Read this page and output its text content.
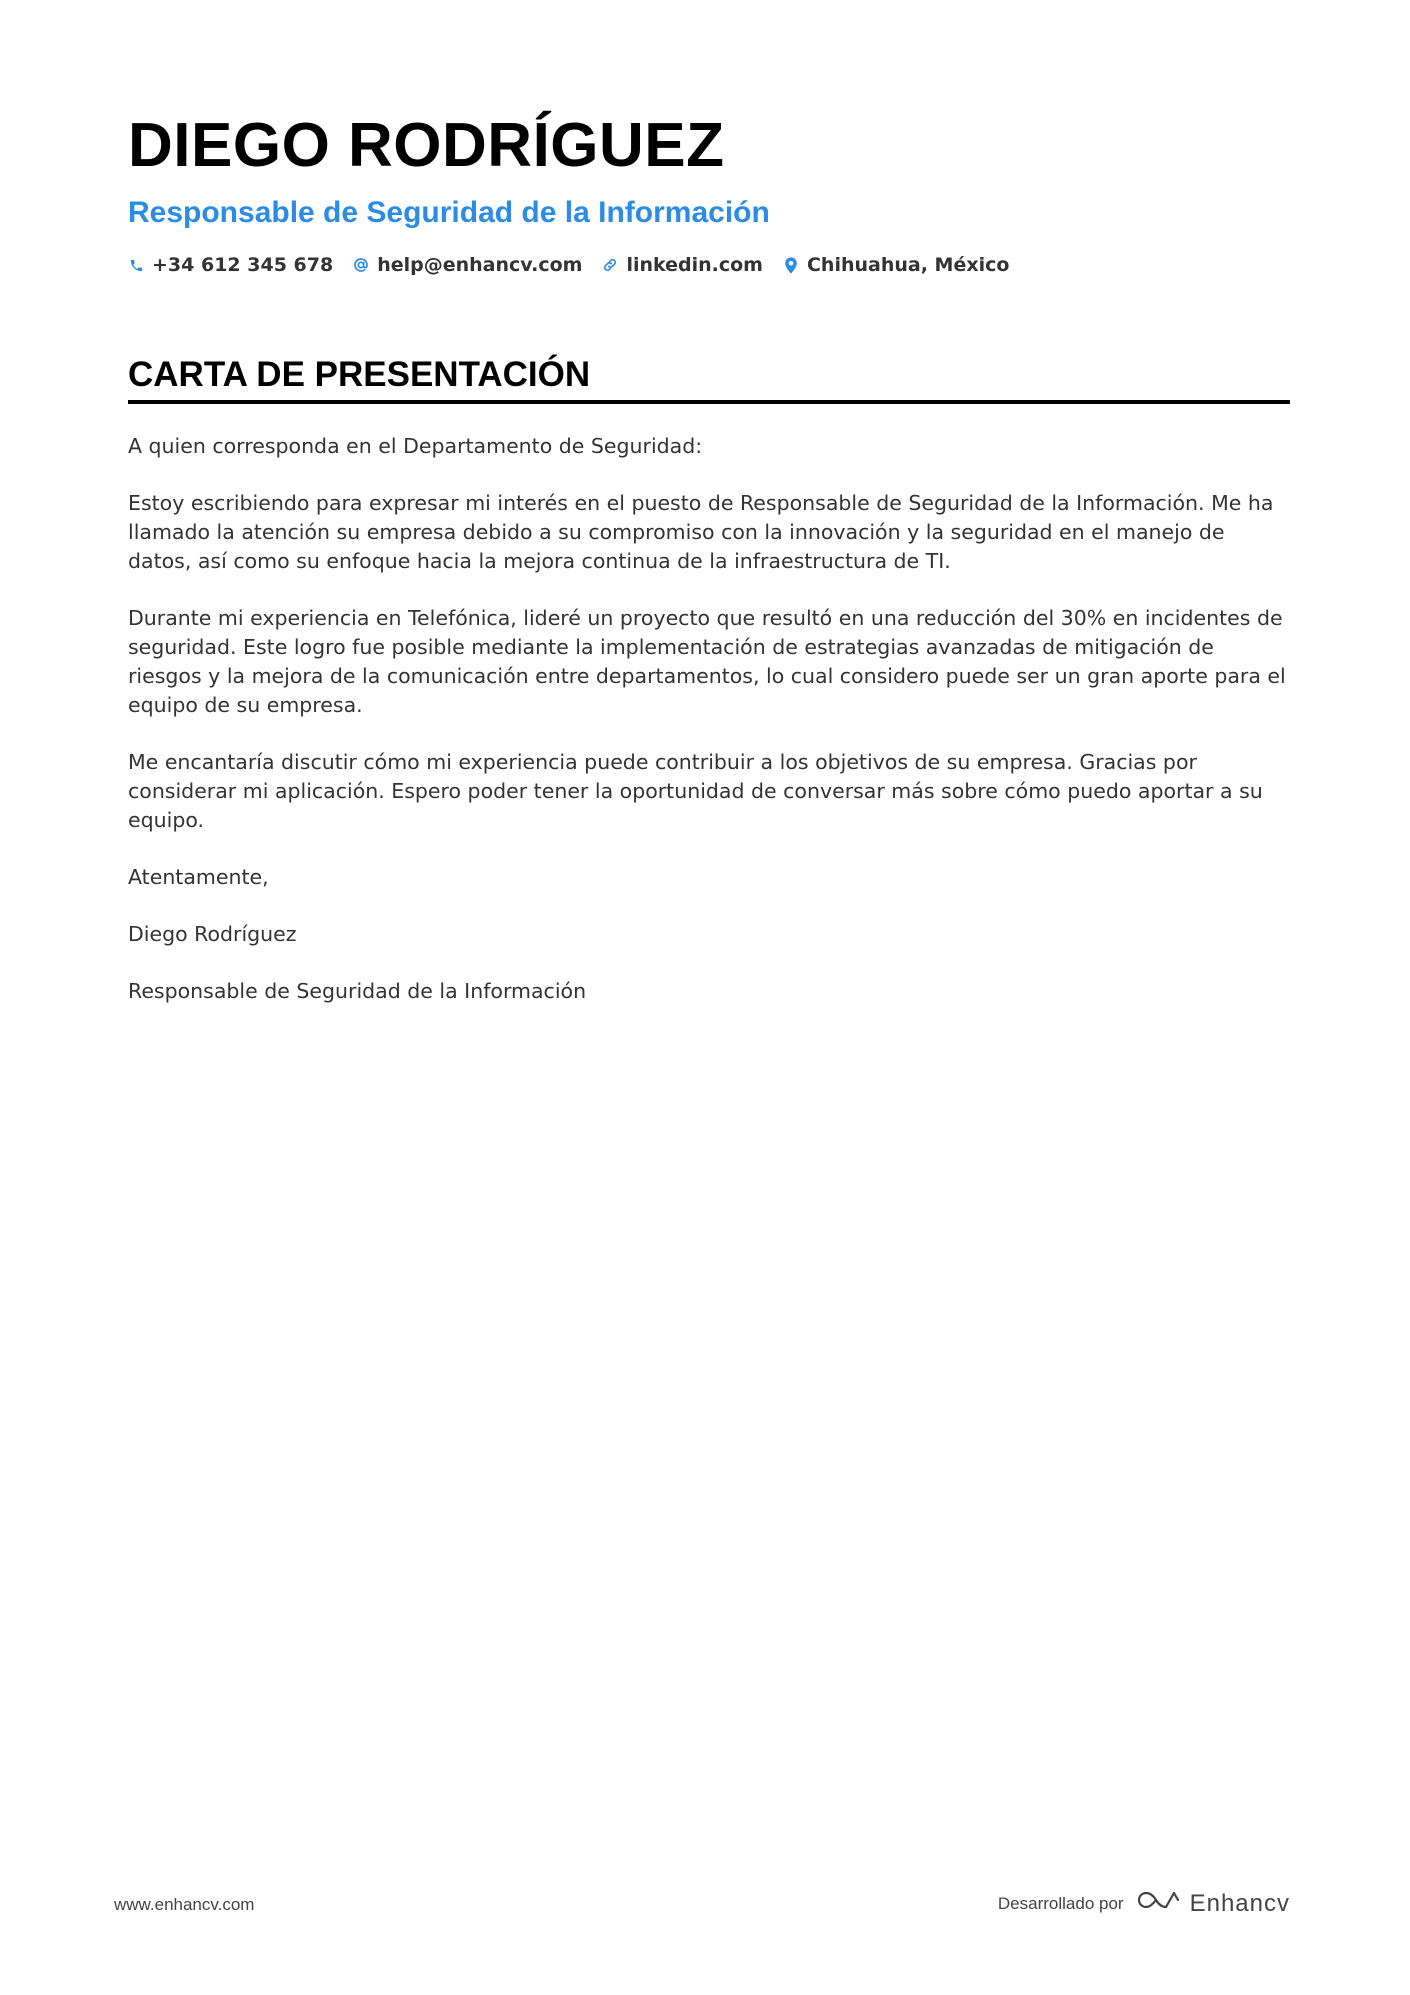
DIEGO RODRÍGUEZ
Responsable de Seguridad de la Información
+34 612 345 678 help@enhancv.com linkedin.com Chihuahua, México
CARTA DE PRESENTACIÓN

A quien corresponda en el Departamento de Seguridad:

Estoy escribiendo para expresar mi interés en el puesto de Responsable de Seguridad de la Información. Me ha llamado la atención su empresa debido a su compromiso con la innovación y la seguridad en el manejo de datos, así como su enfoque hacia la mejora continua de la infraestructura de TI.

Durante mi experiencia en Telefónica, lideré un proyecto que resultó en una reducción del 30% en incidentes de seguridad. Este logro fue posible mediante la implementación de estrategias avanzadas de mitigación de riesgos y la mejora de la comunicación entre departamentos, lo cual considero puede ser un gran aporte para el equipo de su empresa.

Me encantaría discutir cómo mi experiencia puede contribuir a los objetivos de su empresa. Gracias por considerar mi aplicación. Espero poder tener la oportunidad de conversar más sobre cómo puedo aportar a su equipo.

Atentamente,

Diego Rodríguez

Responsable de Seguridad de la Información

www.enhancv.com	Desarrollado por	Enhancv
